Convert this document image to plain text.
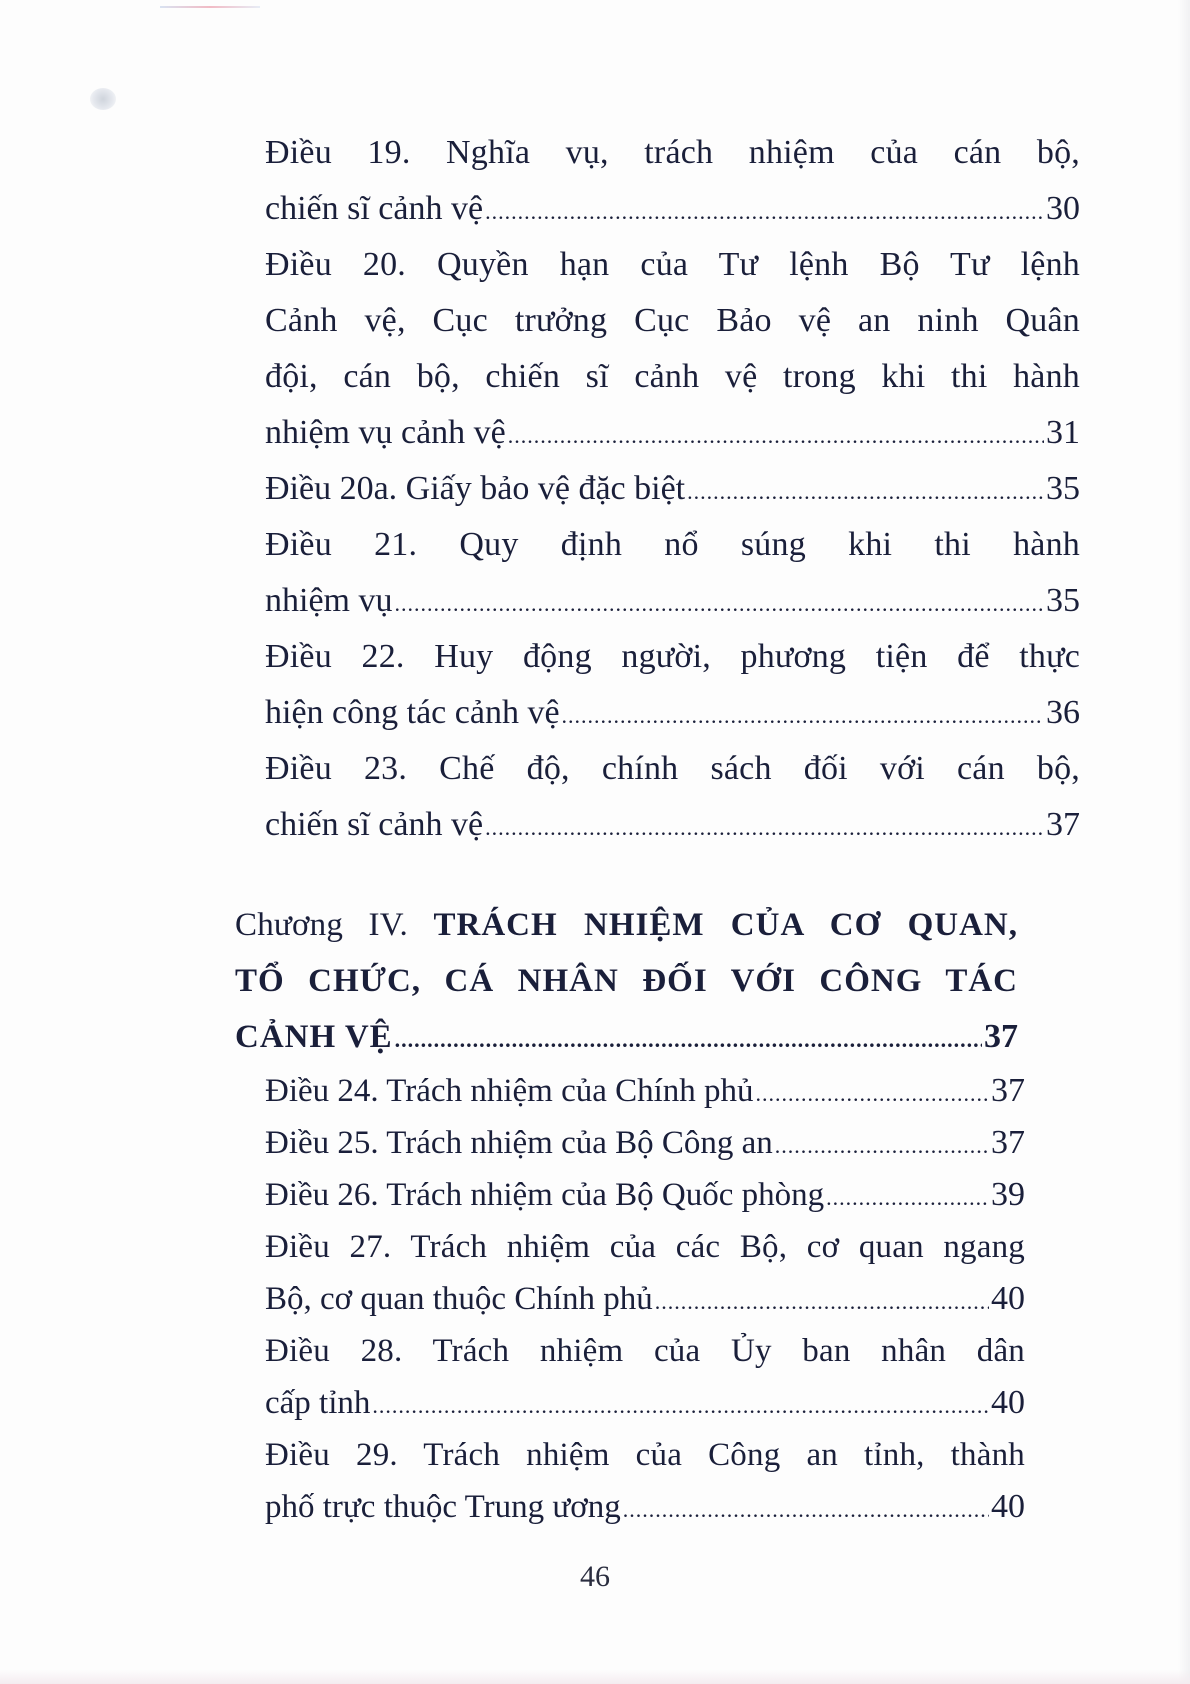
Điều 19. Nghĩa vụ, trách nhiệm của cán bộ,
chiến sĩ cảnh vệ .....	30
Điều 20. Quyền hạn của Tư lệnh Bộ Tư lệnh
Cảnh vệ, Cục trưởng Cục Bảo vệ an ninh Quân
đội, cán bộ, chiến sĩ cảnh vệ trong khi thi hành
nhiệm vụ cảnh vệ .....	31
Điều 20a. Giấy bảo vệ đặc biệt .....	35
Điều 21. Quy định nổ súng khi thi hành
nhiệm vụ .....	35
Điều 22. Huy động người, phương tiện để thực
hiện công tác cảnh vệ .....	36
Điều 23. Chế độ, chính sách đối với cán bộ,
chiến sĩ cảnh vệ .....	37
Chương IV. TRÁCH NHIỆM CỦA CƠ QUAN,
TỔ CHỨC, CÁ NHÂN ĐỐI VỚI CÔNG TÁC
CẢNH VỆ .....	37
Điều 24. Trách nhiệm của Chính phủ .....	37
Điều 25. Trách nhiệm của Bộ Công an .....	37
Điều 26. Trách nhiệm của Bộ Quốc phòng .....	39
Điều 27. Trách nhiệm của các Bộ, cơ quan ngang
Bộ, cơ quan thuộc Chính phủ .....	40
Điều 28. Trách nhiệm của Ủy ban nhân dân
cấp tỉnh .....	40
Điều 29. Trách nhiệm của Công an tỉnh, thành
phố trực thuộc Trung ương .....	40
46
